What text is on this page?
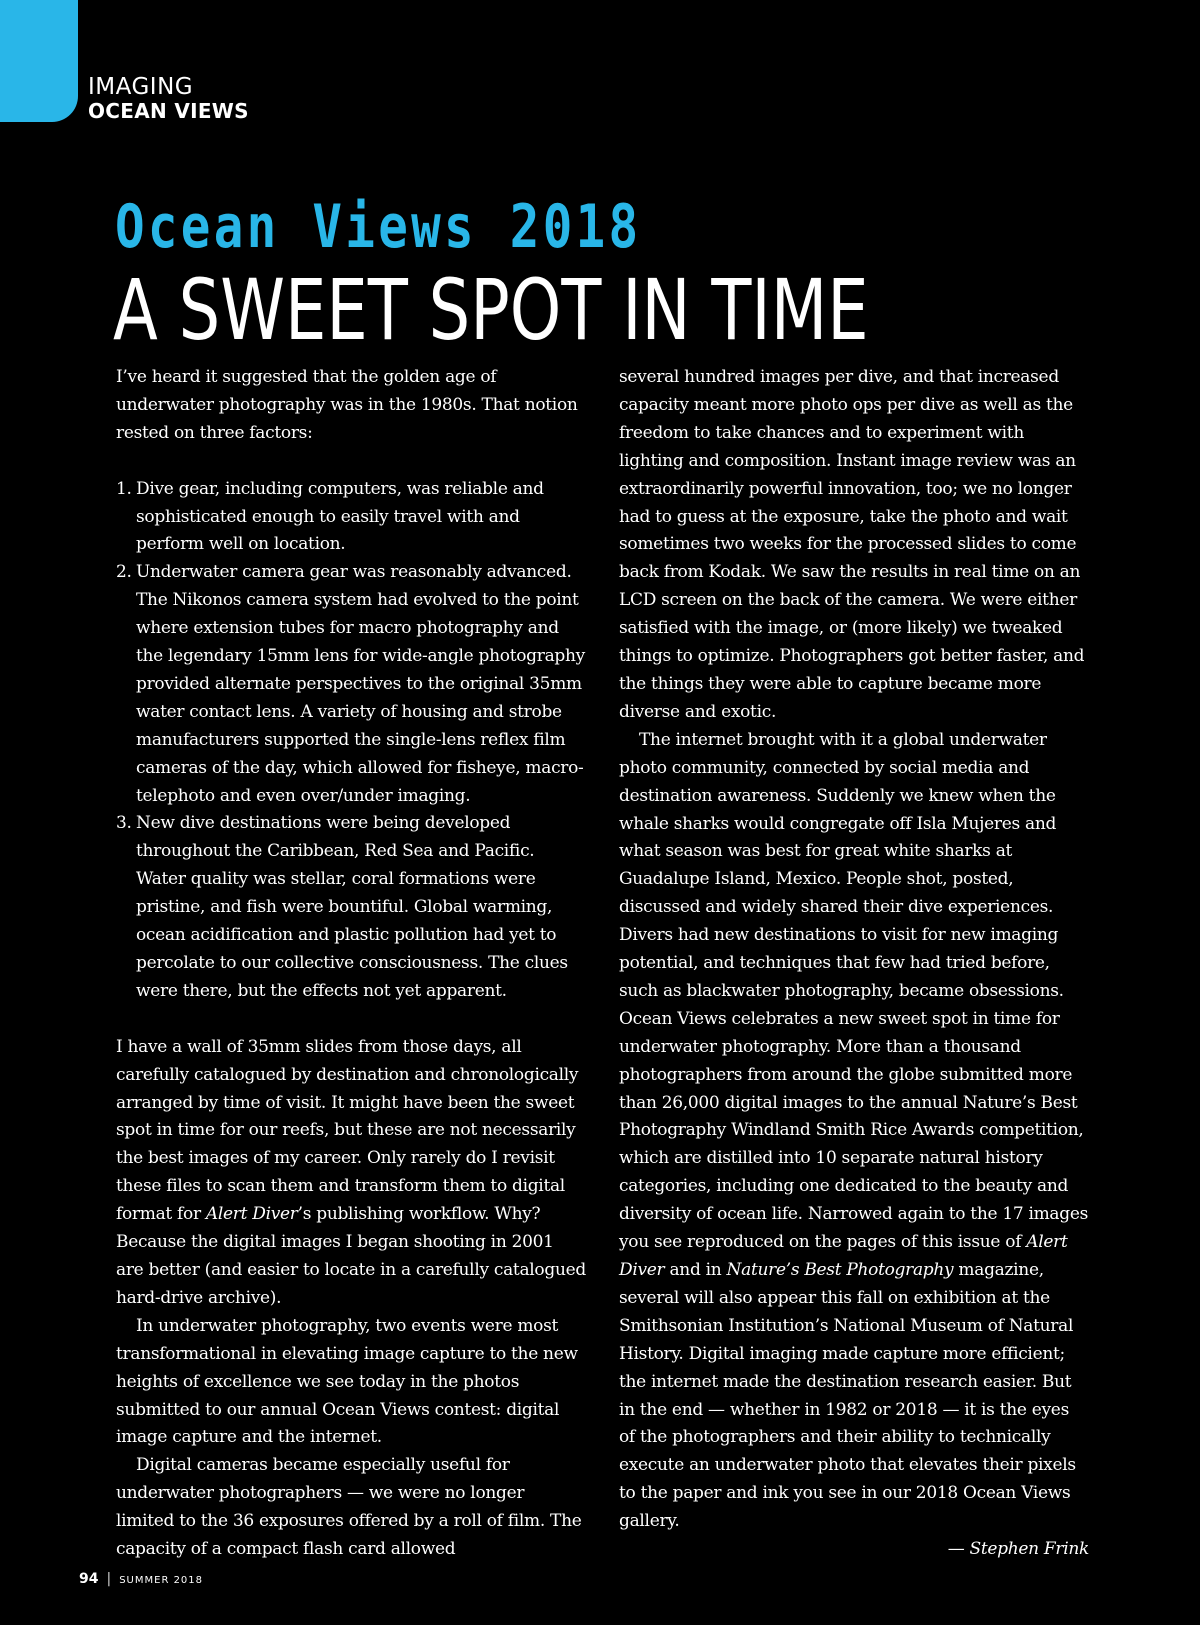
IMAGING
OCEAN VIEWS
Ocean Views 2018
A SWEET SPOT IN TIME

I’ve heard it suggested that the golden age of underwater photography was in the 1980s. That notion rested on three factors:

1. Dive gear, including computers, was reliable and sophisticated enough to easily travel with and perform well on location.
2. Underwater camera gear was reasonably advanced. The Nikonos camera system had evolved to the point where extension tubes for macro photography and the legendary 15mm lens for wide-angle photography provided alternate perspectives to the original 35mm water contact lens. A variety of housing and strobe manufacturers supported the single-lens reflex film cameras of the day, which allowed for fisheye, macro-telephoto and even over/under imaging.
3. New dive destinations were being developed throughout the Caribbean, Red Sea and Pacific. Water quality was stellar, coral formations were pristine, and fish were bountiful. Global warming, ocean acidification and plastic pollution had yet to percolate to our collective consciousness. The clues were there, but the effects not yet apparent.

I have a wall of 35mm slides from those days, all carefully catalogued by destination and chronologically arranged by time of visit. It might have been the sweet spot in time for our reefs, but these are not necessarily the best images of my career. Only rarely do I revisit these files to scan them and transform them to digital format for Alert Diver’s publishing workflow. Why? Because the digital images I began shooting in 2001 are better (and easier to locate in a carefully catalogued hard-drive archive).

In underwater photography, two events were most transformational in elevating image capture to the new heights of excellence we see today in the photos submitted to our annual Ocean Views contest: digital image capture and the internet.

Digital cameras became especially useful for underwater photographers — we were no longer limited to the 36 exposures offered by a roll of film. The capacity of a compact flash card allowed

several hundred images per dive, and that increased capacity meant more photo ops per dive as well as the freedom to take chances and to experiment with lighting and composition. Instant image review was an extraordinarily powerful innovation, too; we no longer had to guess at the exposure, take the photo and wait sometimes two weeks for the processed slides to come back from Kodak. We saw the results in real time on an LCD screen on the back of the camera. We were either satisfied with the image, or (more likely) we tweaked things to optimize. Photographers got better faster, and the things they were able to capture became more diverse and exotic.

The internet brought with it a global underwater photo community, connected by social media and destination awareness. Suddenly we knew when the whale sharks would congregate off Isla Mujeres and what season was best for great white sharks at Guadalupe Island, Mexico. People shot, posted, discussed and widely shared their dive experiences. Divers had new destinations to visit for new imaging potential, and techniques that few had tried before, such as blackwater photography, became obsessions. Ocean Views celebrates a new sweet spot in time for underwater photography. More than a thousand photographers from around the globe submitted more than 26,000 digital images to the annual Nature’s Best Photography Windland Smith Rice Awards competition, which are distilled into 10 separate natural history categories, including one dedicated to the beauty and diversity of ocean life. Narrowed again to the 17 images you see reproduced on the pages of this issue of Alert Diver and in Nature’s Best Photography magazine, several will also appear this fall on exhibition at the Smithsonian Institution’s National Museum of Natural History. Digital imaging made capture more efficient; the internet made the destination research easier. But in the end — whether in 1982 or 2018 — it is the eyes of the photographers and their ability to technically execute an underwater photo that elevates their pixels to the paper and ink you see in our 2018 Ocean Views gallery.

— Stephen Frink

94 | SUMMER 2018
